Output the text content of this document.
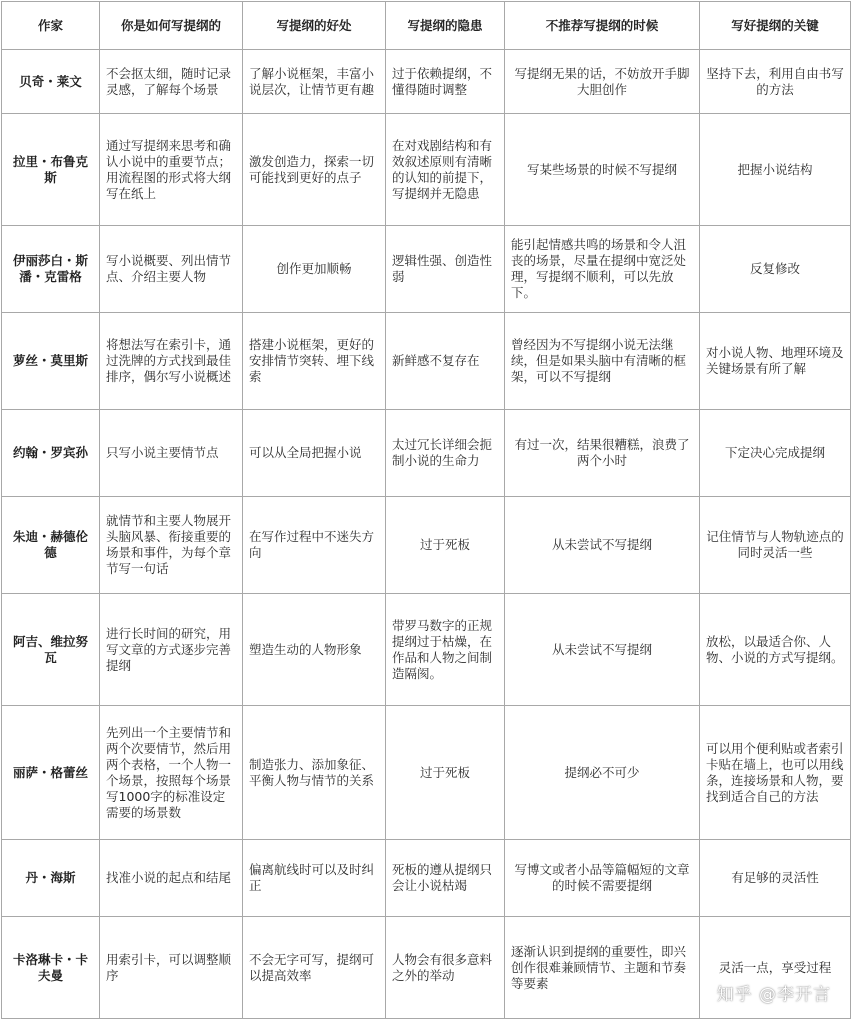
作家	你是如何写提纲的	写提纲的好处	写提纲的隐患	不推荐写提纲的时候	写好提纲的关键
贝奇・莱文	不会抠太细，随时记录灵感，了解每个场景	了解小说框架，丰富小说层次，让情节更有趣	过于依赖提纲，不懂得随时调整	写提纲无果的话，不妨放开手脚大胆创作	坚持下去，利用自由书写的方法
拉里・布鲁克斯	通过写提纲来思考和确认小说中的重要节点；用流程图的形式将大纲写在纸上	激发创造力，探索一切可能找到更好的点子	在对戏剧结构和有效叙述原则有清晰的认知的前提下，写提纲并无隐患	写某些场景的时候不写提纲	把握小说结构
伊丽莎白・斯潘・克雷格	写小说概要、列出情节点、介绍主要人物	创作更加顺畅	逻辑性强、创造性弱	能引起情感共鸣的场景和令人沮丧的场景，尽量在提纲中宽泛处理，写提纲不顺利，可以先放下。	反复修改
萝丝・莫里斯	将想法写在索引卡，通过洗牌的方式找到最佳排序，偶尔写小说概述	搭建小说框架，更好的安排情节突转、埋下线索	新鲜感不复存在	曾经因为不写提纲小说无法继续，但是如果头脑中有清晰的框架，可以不写提纲	对小说人物、地理环境及关键场景有所了解
约翰・罗宾孙	只写小说主要情节点	可以从全局把握小说	太过冗长详细会扼制小说的生命力	有过一次，结果很糟糕，浪费了两个小时	下定决心完成提纲
朱迪・赫德伦德	就情节和主要人物展开头脑风暴、衔接重要的场景和事件，为每个章节写一句话	在写作过程中不迷失方向	过于死板	从未尝试不写提纲	记住情节与人物轨迹点的同时灵活一些
阿吉、维拉努瓦	进行长时间的研究，用写文章的方式逐步完善提纲	塑造生动的人物形象	带罗马数字的正规提纲过于枯燥，在作品和人物之间制造隔阂。	从未尝试不写提纲	放松，以最适合你、人物、小说的方式写提纲。
丽萨・格蕾丝	先列出一个主要情节和两个次要情节，然后用两个表格，一个人物一个场景，按照每个场景写1000字的标准设定需要的场景数	制造张力、添加象征、平衡人物与情节的关系	过于死板	提纲必不可少	可以用个便利贴或者索引卡贴在墙上，也可以用线条，连接场景和人物，要找到适合自己的方法
丹・海斯	找准小说的起点和结尾	偏离航线时可以及时纠正	死板的遵从提纲只会让小说枯竭	写博文或者小品等篇幅短的文章的时候不需要提纲	有足够的灵活性
卡洛琳卡・卡夫曼	用索引卡，可以调整顺序	不会无字可写，提纲可以提高效率	人物会有很多意料之外的举动	逐渐认识到提纲的重要性，即兴创作很难兼顾情节、主题和节奏等要素	灵活一点，享受过程
知乎 @李开言
